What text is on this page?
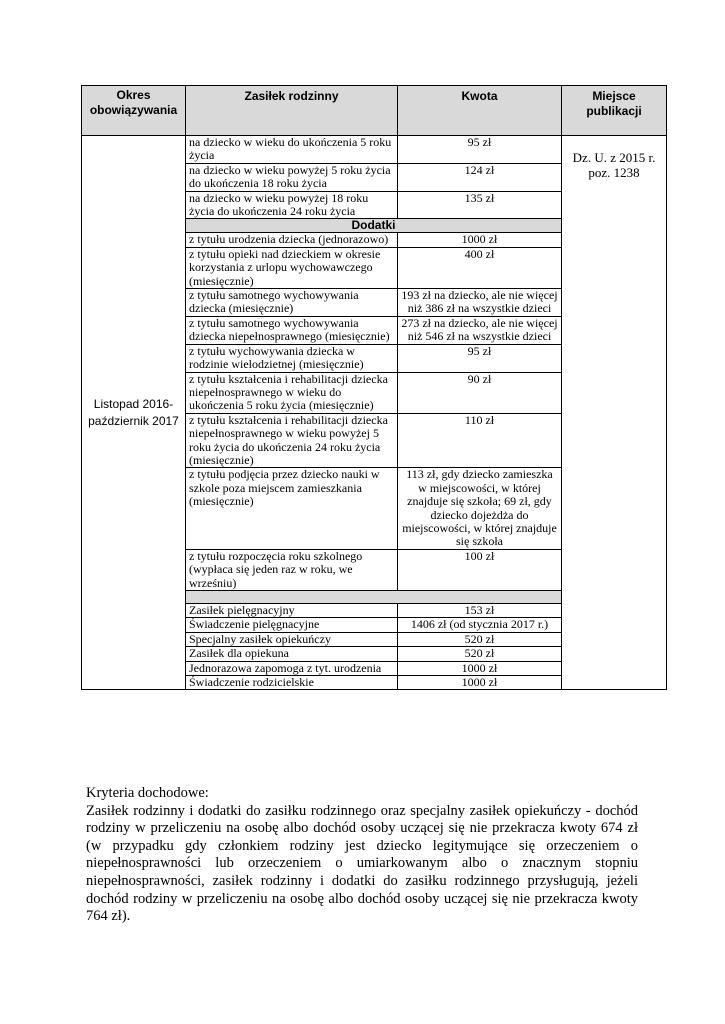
Okres obowiązywania	Zasiłek rodzinny	Kwota	Miejsce publikacji
Listopad 2016-październik 2017	na dziecko w wieku do ukończenia 5 roku życia	95 zł	Dz. U. z 2015 r. poz. 1238
	na dziecko w wieku powyżej 5 roku życia do ukończenia 18 roku życia	124 zł	
	na dziecko w wieku powyżej 18 roku życia do ukończenia 24 roku życia	135 zł	
	Dodatki		
	z tytułu urodzenia dziecka (jednorazowo)	1000 zł	
	z tytułu opieki nad dzieckiem w okresie korzystania z urlopu wychowawczego (miesięcznie)	400 zł	
	z tytułu samotnego wychowywania dziecka (miesięcznie)	193 zł na dziecko, ale nie więcej niż 386 zł na wszystkie dzieci	
	z tytułu samotnego wychowywania dziecka niepełnosprawnego (miesięcznie)	273 zł na dziecko, ale nie więcej niż 546 zł na wszystkie dzieci	
	z tytułu wychowywania dziecka w rodzinie wielodzietnej (miesięcznie)	95 zł	
	z tytułu kształcenia i rehabilitacji dziecka niepełnosprawnego w wieku do ukończenia 5 roku życia (miesięcznie)	90 zł	
	z tytułu kształcenia i rehabilitacji dziecka niepełnosprawnego w wieku powyżej 5 roku życia do ukończenia 24 roku życia (miesięcznie)	110 zł	
	z tytułu podjęcia przez dziecko nauki w szkole poza miejscem zamieszkania (miesięcznie)	113 zł, gdy dziecko zamieszka w miejscowości, w której znajduje się szkoła; 69 zł, gdy dziecko dojeżdża do miejscowości, w której znajduje się szkoła	
	z tytułu rozpoczęcia roku szkolnego (wypłaca się jeden raz w roku, we wrześniu)	100 zł	

	Zasiłek pielęgnacyjny	153 zł	
	Świadczenie pielęgnacyjne	1406 zł (od stycznia 2017 r.)	
	Specjalny zasiłek opiekuńczy	520 zł	
	Zasiłek dla opiekuna	520 zł	
	Jednorazowa zapomoga z tyt. urodzenia	1000 zł	
	Świadczenie rodzicielskie	1000 zł	

Kryteria dochodowe:

Zasiłek rodzinny i dodatki do zasiłku rodzinnego oraz specjalny zasiłek opiekuńczy - dochód rodziny w przeliczeniu na osobę albo dochód osoby uczącej się nie przekracza kwoty 674 zł (w przypadku gdy członkiem rodziny jest dziecko legitymujące się orzeczeniem o niepełnosprawności lub orzeczeniem o umiarkowanym albo o znacznym stopniu niepełnosprawności, zasiłek rodzinny i dodatki do zasiłku rodzinnego przysługują, jeżeli dochód rodziny w przeliczeniu na osobę albo dochód osoby uczącej się nie przekracza kwoty 764 zł).
